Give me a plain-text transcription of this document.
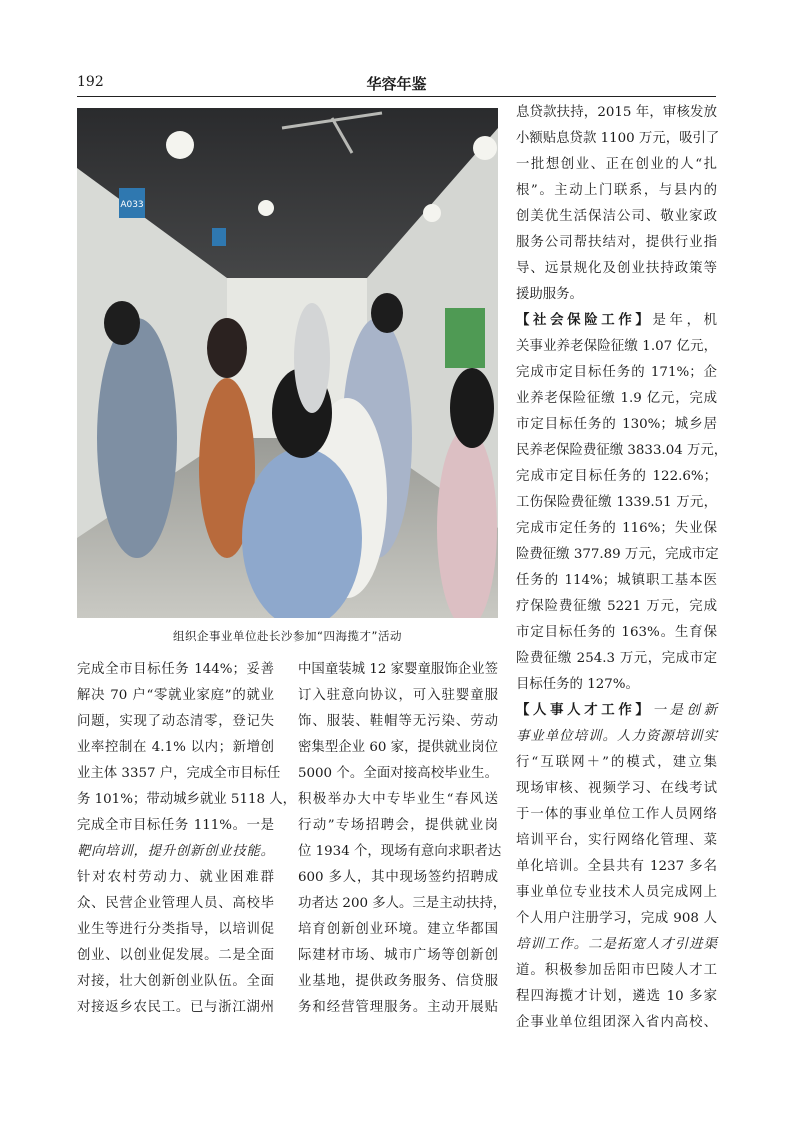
192	华容年鉴
A033
组织企事业单位赴长沙参加“四海揽才”活动
完成全市目标任务 144%；妥善
解决 70 户“零就业家庭”的就业
问题，实现了动态清零，登记失
业率控制在 4.1% 以内；新增创
业主体 3357 户，完成全市目标任
务 101%；带动城乡就业 5118 人，
完成全市目标任务 111%。一是
靶向培训，提升创新创业技能。
针对农村劳动力、就业困难群
众、民营企业管理人员、高校毕
业生等进行分类指导，以培训促
创业、以创业促发展。二是全面
对接，壮大创新创业队伍。全面
对接返乡农民工。已与浙江湖州
中国童装城 12 家婴童服饰企业签
订入驻意向协议，可入驻婴童服
饰、服装、鞋帽等无污染、劳动
密集型企业 60 家，提供就业岗位
5000 个。全面对接高校毕业生。
积极举办大中专毕业生“春风送
行动”专场招聘会，提供就业岗
位 1934 个，现场有意向求职者达
600 多人，其中现场签约招聘成
功者达 200 多人。三是主动扶持，
培育创新创业环境。建立华都国
际建材市场、城市广场等创新创
业基地，提供政务服务、信贷服
务和经营管理服务。主动开展贴
息贷款扶持，2015 年，审核发放
小额贴息贷款 1100 万元，吸引了
一批想创业、正在创业的人“扎
根”。主动上门联系，与县内的
创美优生活保洁公司、敬业家政
服务公司帮扶结对，提供行业指
导、远景规化及创业扶持政策等
援助服务。
【社会保险工作】是年，机
关事业养老保险征缴 1.07 亿元，
完成市定目标任务的 171%；企
业养老保险征缴 1.9 亿元，完成
市定目标任务的 130%；城乡居
民养老保险费征缴 3833.04 万元，
完成市定目标任务的 122.6%；
工伤保险费征缴 1339.51 万元，
完成市定任务的 116%；失业保
险费征缴 377.89 万元，完成市定
任务的 114%；城镇职工基本医
疗保险费征缴 5221 万元，完成
市定目标任务的 163%。生育保
险费征缴 254.3 万元，完成市定
目标任务的 127%。
【人事人才工作】一是创新
事业单位培训。人力资源培训实
行“互联网＋”的模式，建立集
现场审核、视频学习、在线考试
于一体的事业单位工作人员网络
培训平台，实行网络化管理、菜
单化培训。全县共有 1237 多名
事业单位专业技术人员完成网上
个人用户注册学习，完成 908 人
培训工作。二是拓宽人才引进渠
道。积极参加岳阳市巴陵人才工
程四海揽才计划，遴选 10 多家
企事业单位组团深入省内高校、
